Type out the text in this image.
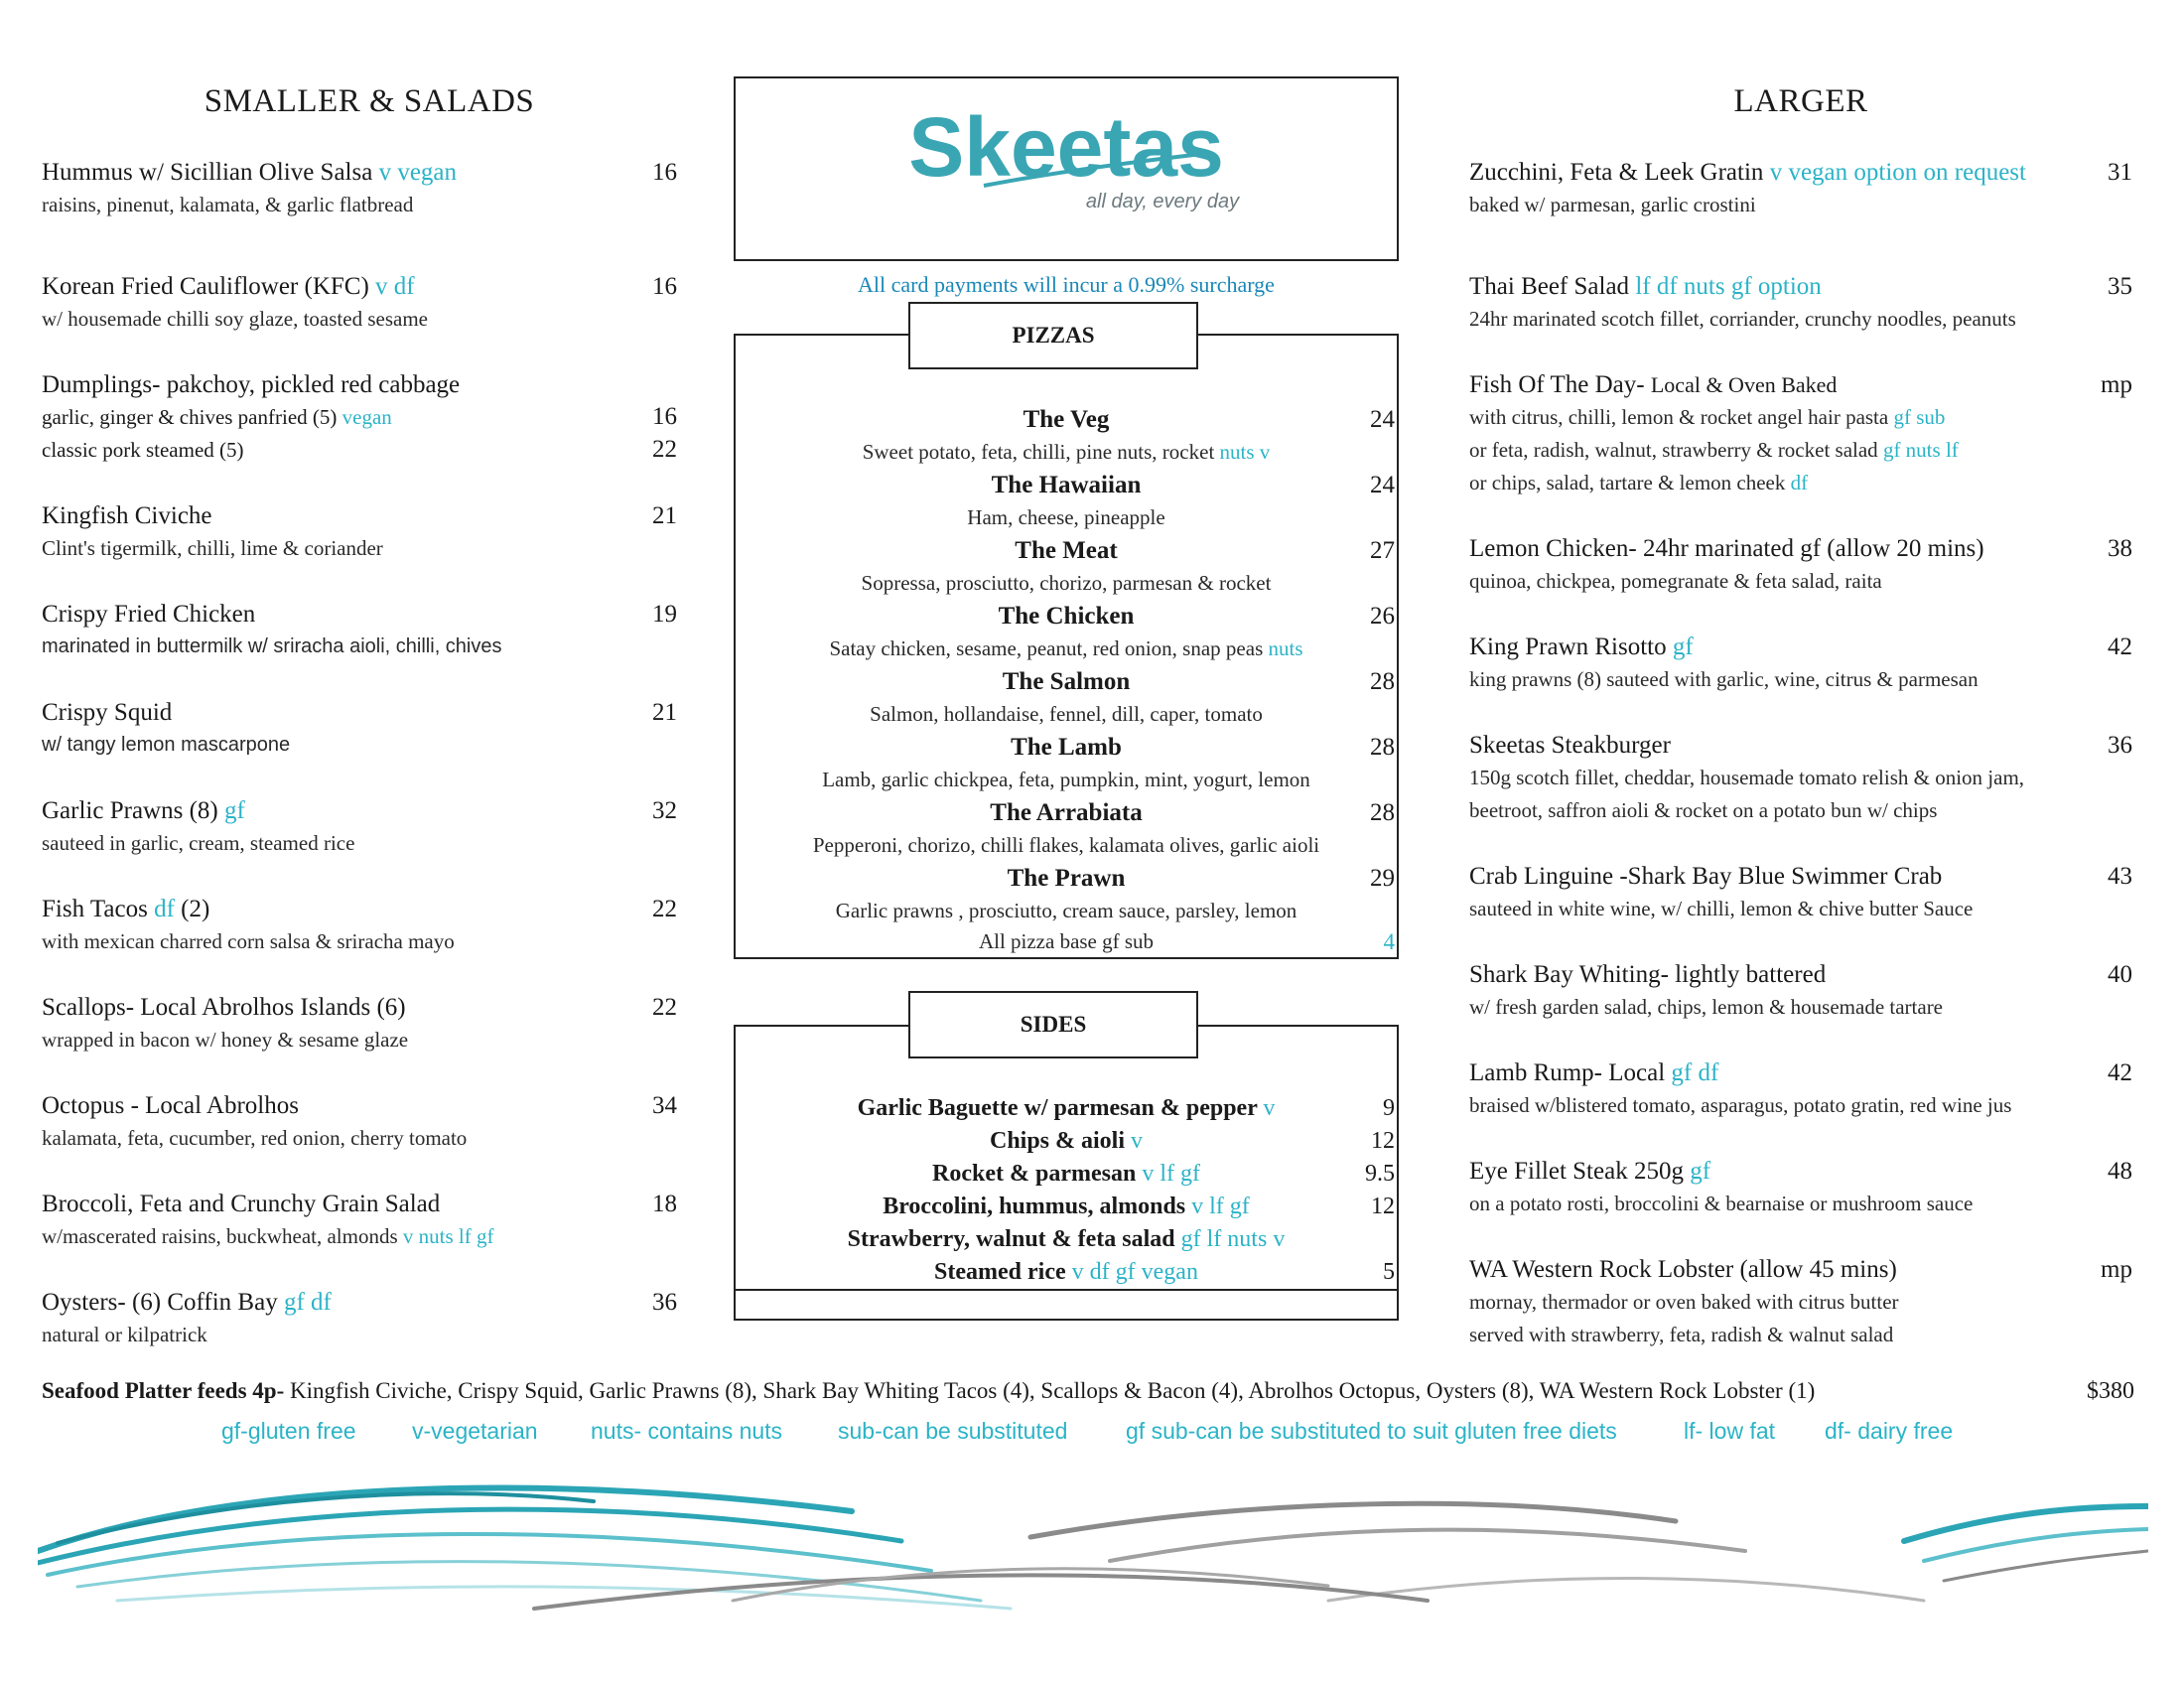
SMALLER & SALADS
Hummus w/ Sicillian Olive Salsa v vegan	16
raisins, pinenut, kalamata, & garlic flatbread
Korean Fried Cauliflower (KFC) v df	16
w/ housemade chilli soy glaze, toasted sesame
Dumplings- pakchoy, pickled red cabbage
garlic, ginger & chives panfried (5) vegan	16
classic pork steamed (5)	22
Kingfish Civiche	21
Clint's tigermilk, chilli, lime & coriander
Crispy Fried Chicken	19
marinated in buttermilk w/ sriracha aioli, chilli, chives
Crispy Squid	21
w/ tangy lemon mascarpone
Garlic Prawns (8) gf	32
sauteed in garlic, cream, steamed rice
Fish Tacos df (2)	22
with mexican charred corn salsa & sriracha mayo
Scallops- Local Abrolhos Islands (6)	22
wrapped in bacon w/ honey & sesame glaze
Octopus - Local Abrolhos	34
kalamata, feta, cucumber, red onion, cherry tomato
Broccoli, Feta and Crunchy Grain Salad	18
w/mascerated raisins, buckwheat, almonds v nuts lf gf
Oysters- (6) Coffin Bay gf df	36
natural or kilpatrick
Skeetas
all day, every day
All card payments will incur a 0.99% surcharge
The Veg	24
Sweet potato, feta, chilli, pine nuts, rocket nuts v
The Hawaiian	24
Ham, cheese, pineapple
The Meat	27
Sopressa, prosciutto, chorizo, parmesan & rocket
The Chicken	26
Satay chicken, sesame, peanut, red onion, snap peas nuts
The Salmon	28
Salmon, hollandaise, fennel, dill, caper, tomato
The Lamb	28
Lamb, garlic chickpea, feta, pumpkin, mint, yogurt, lemon
The Arrabiata	28
Pepperoni, chorizo, chilli flakes, kalamata olives, garlic aioli
The Prawn	29
Garlic prawns , prosciutto, cream sauce, parsley, lemon
All pizza base gf sub	4
PIZZAS
Garlic Baguette w/ parmesan & pepper v	9
Chips & aioli v	12
Rocket & parmesan v lf gf	9.5
Broccolini, hummus, almonds v lf gf	12
Strawberry, walnut & feta salad gf lf nuts v
Steamed rice v df gf vegan	5
SIDES
LARGER
Zucchini, Feta & Leek Gratin v vegan option on request	31
baked w/ parmesan, garlic crostini
Thai Beef Salad lf df nuts gf option	35
24hr marinated scotch fillet, corriander, crunchy noodles, peanuts
Fish Of The Day- Local & Oven Baked	mp
with citrus, chilli, lemon & rocket angel hair pasta gf sub
or feta, radish, walnut, strawberry & rocket salad gf nuts lf
or chips, salad, tartare & lemon cheek df
Lemon Chicken- 24hr marinated gf (allow 20 mins)	38
quinoa, chickpea, pomegranate & feta salad, raita
King Prawn Risotto gf	42
king prawns (8) sauteed with garlic, wine, citrus & parmesan
Skeetas Steakburger	36
150g scotch fillet, cheddar, housemade tomato relish & onion jam,
beetroot, saffron aioli & rocket on a potato bun w/ chips
Crab Linguine -Shark Bay Blue Swimmer Crab	43
sauteed in white wine, w/ chilli, lemon & chive butter Sauce
Shark Bay Whiting- lightly battered	40
w/ fresh garden salad, chips, lemon & housemade tartare
Lamb Rump- Local gf df	42
braised w/blistered tomato, asparagus, potato gratin, red wine jus
Eye Fillet Steak 250g gf	48
on a potato rosti, broccolini & bearnaise or mushroom sauce
WA Western Rock Lobster (allow 45 mins)	mp
mornay, thermador or oven baked with citrus butter
served with strawberry, feta, radish & walnut salad
Seafood Platter feeds 4p- Kingfish Civiche, Crispy Squid, Garlic Prawns (8), Shark Bay Whiting Tacos (4), Scallops & Bacon (4), Abrolhos Octopus, Oysters (8), WA Western Rock Lobster (1)	$380
gf-gluten free v-vegetarian nuts- contains nuts sub-can be substituted	gf sub-can be substituted to suit gluten free diets	lf- low fat df- dairy free
